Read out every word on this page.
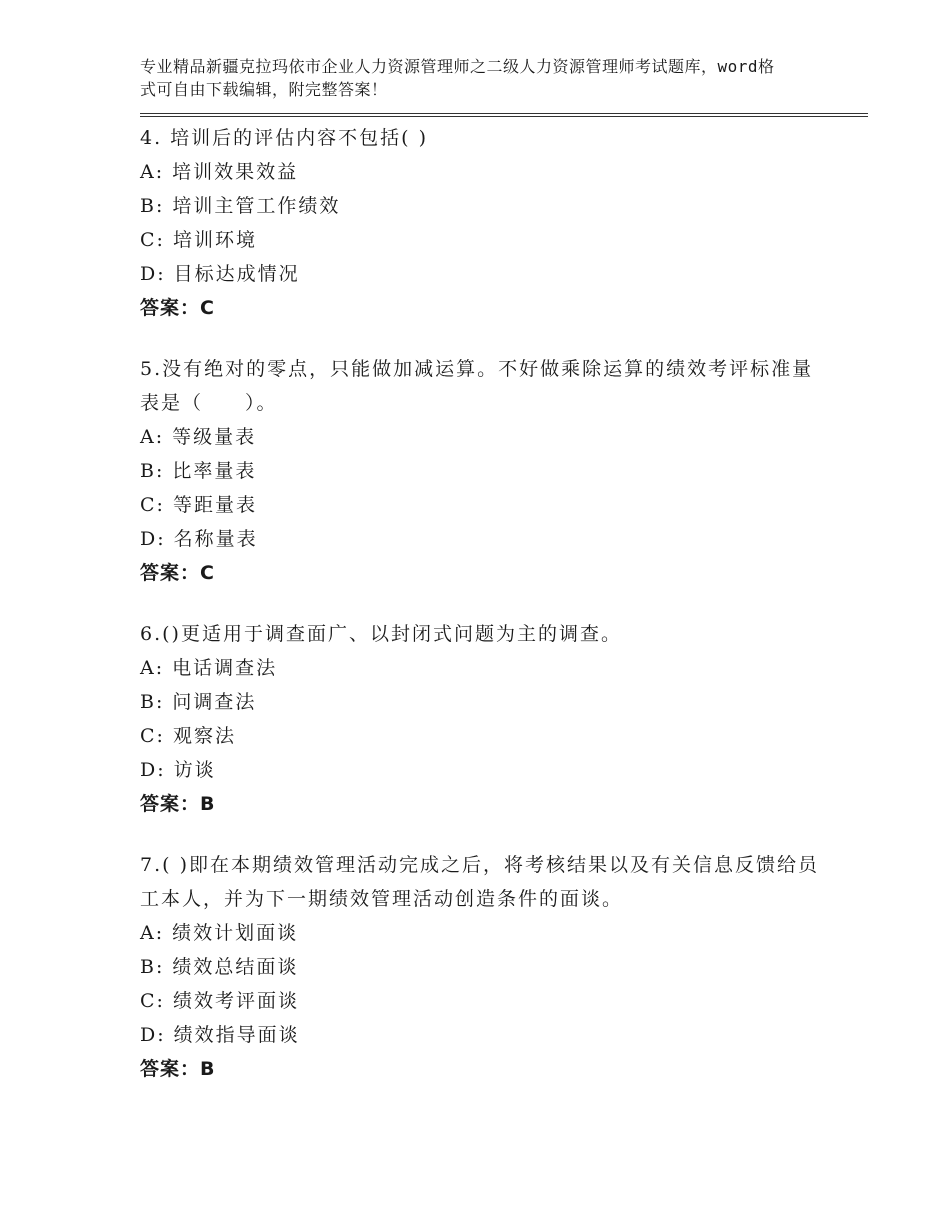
专业精品新疆克拉玛依市企业人力资源管理师之二级人力资源管理师考试题库，word格式可自由下载编辑，附完整答案！
4. 培训后的评估内容不包括( )
A: 培训效果效益
B: 培训主管工作绩效
C: 培训环境
D: 目标达成情况
答案：C
5.没有绝对的零点，只能做加减运算。不好做乘除运算的绩效考评标准量表是（　　）。
A: 等级量表
B: 比率量表
C: 等距量表
D: 名称量表
答案：C
6.()更适用于调查面广、以封闭式问题为主的调查。
A: 电话调查法
B: 问调查法
C: 观察法
D: 访谈
答案：B
7.( )即在本期绩效管理活动完成之后，将考核结果以及有关信息反馈给员工本人，并为下一期绩效管理活动创造条件的面谈。
A: 绩效计划面谈
B: 绩效总结面谈
C: 绩效考评面谈
D: 绩效指导面谈
答案：B
